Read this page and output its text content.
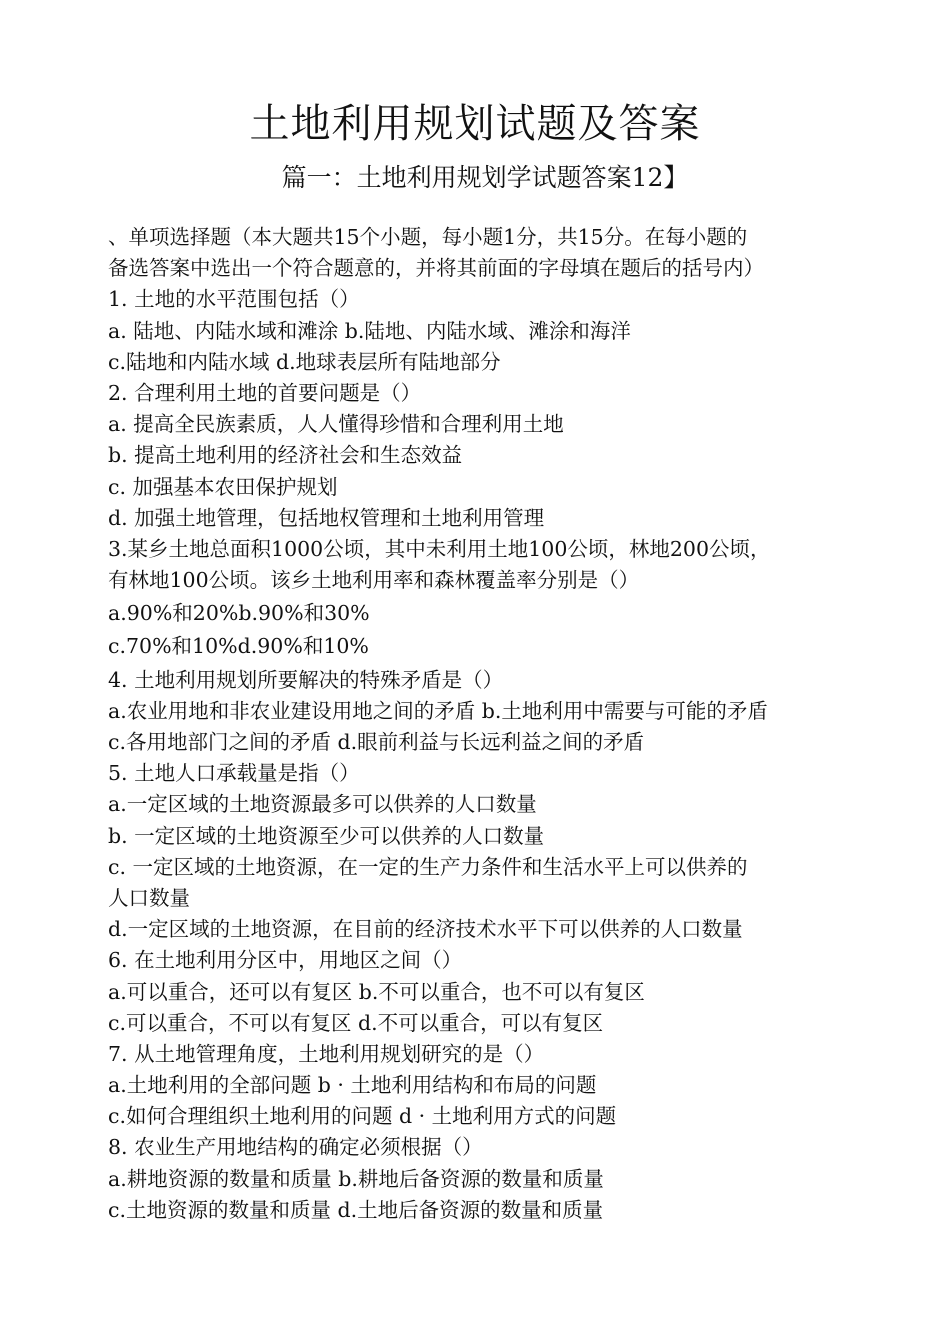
土地利用规划试题及答案
篇一：土地利用规划学试题答案12】
、单项选择题（本大题共15个小题，每小题1分，共15分。在每小题的
备选答案中选出一个符合题意的，并将其前面的字母填在题后的括号内）
1. 土地的水平范围包括（）
a. 陆地、内陆水域和滩涂 b.陆地、内陆水域、滩涂和海洋
c.陆地和内陆水域 d.地球表层所有陆地部分
2. 合理利用土地的首要问题是（）
a. 提高全民族素质，人人懂得珍惜和合理利用土地
b. 提高土地利用的经济社会和生态效益
c. 加强基本农田保护规划
d. 加强土地管理，包括地权管理和土地利用管理
3.某乡土地总面积1000公顷，其中未利用土地100公顷，林地200公顷，
有林地100公顷。该乡土地利用率和森林覆盖率分别是（）
a.90%和20%b.90%和30%
c.70%和10%d.90%和10%
4. 土地利用规划所要解决的特殊矛盾是（）
a.农业用地和非农业建设用地之间的矛盾 b.土地利用中需要与可能的矛盾
c.各用地部门之间的矛盾 d.眼前利益与长远利益之间的矛盾
5. 土地人口承载量是指（）
a.一定区域的土地资源最多可以供养的人口数量
b. 一定区域的土地资源至少可以供养的人口数量
c. 一定区域的土地资源，在一定的生产力条件和生活水平上可以供养的
人口数量
d.一定区域的土地资源，在目前的经济技术水平下可以供养的人口数量
6. 在土地利用分区中，用地区之间（）
a.可以重合，还可以有复区 b.不可以重合，也不可以有复区
c.可以重合，不可以有复区 d.不可以重合，可以有复区
7. 从土地管理角度，土地利用规划研究的是（）
a.土地利用的全部问题 b · 土地利用结构和布局的问题
c.如何合理组织土地利用的问题 d · 土地利用方式的问题
8. 农业生产用地结构的确定必须根据（）
a.耕地资源的数量和质量 b.耕地后备资源的数量和质量
c.土地资源的数量和质量 d.土地后备资源的数量和质量
